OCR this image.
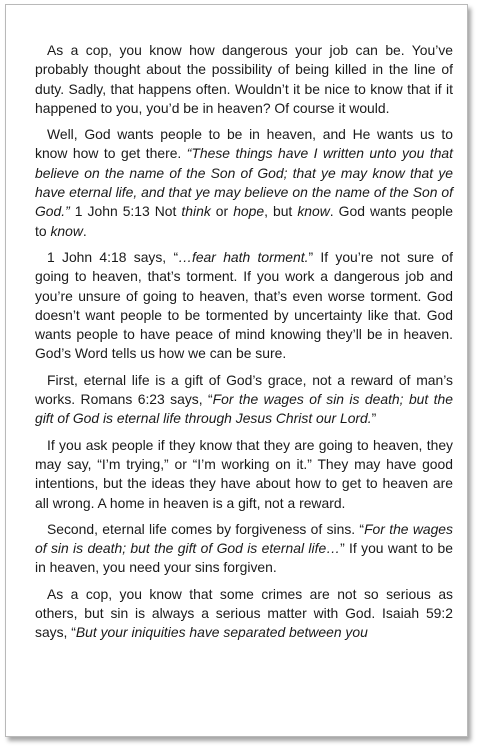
As a cop, you know how dangerous your job can be. You’ve probably thought about the possibility of being killed in the line of duty. Sadly, that happens often. Wouldn’t it be nice to know that if it happened to you, you’d be in heaven? Of course it would.

Well, God wants people to be in heaven, and He wants us to know how to get there. “These things have I written unto you that believe on the name of the Son of God; that ye may know that ye have eternal life, and that ye may believe on the name of the Son of God.” 1 John 5:13 Not think or hope, but know. God wants people to know.

1 John 4:18 says, “…fear hath torment.” If you’re not sure of going to heaven, that’s torment. If you work a dangerous job and you’re unsure of going to heaven, that’s even worse torment. God doesn’t want people to be tormented by uncertainty like that. God wants people to have peace of mind knowing they’ll be in heaven. God’s Word tells us how we can be sure.

First, eternal life is a gift of God’s grace, not a reward of man’s works. Romans 6:23 says, “For the wages of sin is death; but the gift of God is eternal life through Jesus Christ our Lord.”

If you ask people if they know that they are going to heaven, they may say, “I’m trying,” or “I’m working on it.” They may have good intentions, but the ideas they have about how to get to heaven are all wrong. A home in heaven is a gift, not a reward.

Second, eternal life comes by forgiveness of sins. “For the wages of sin is death; but the gift of God is eternal life…” If you want to be in heaven, you need your sins forgiven.

As a cop, you know that some crimes are not so serious as others, but sin is always a serious matter with God. Isaiah 59:2 says, “But your iniquities have separated between you
